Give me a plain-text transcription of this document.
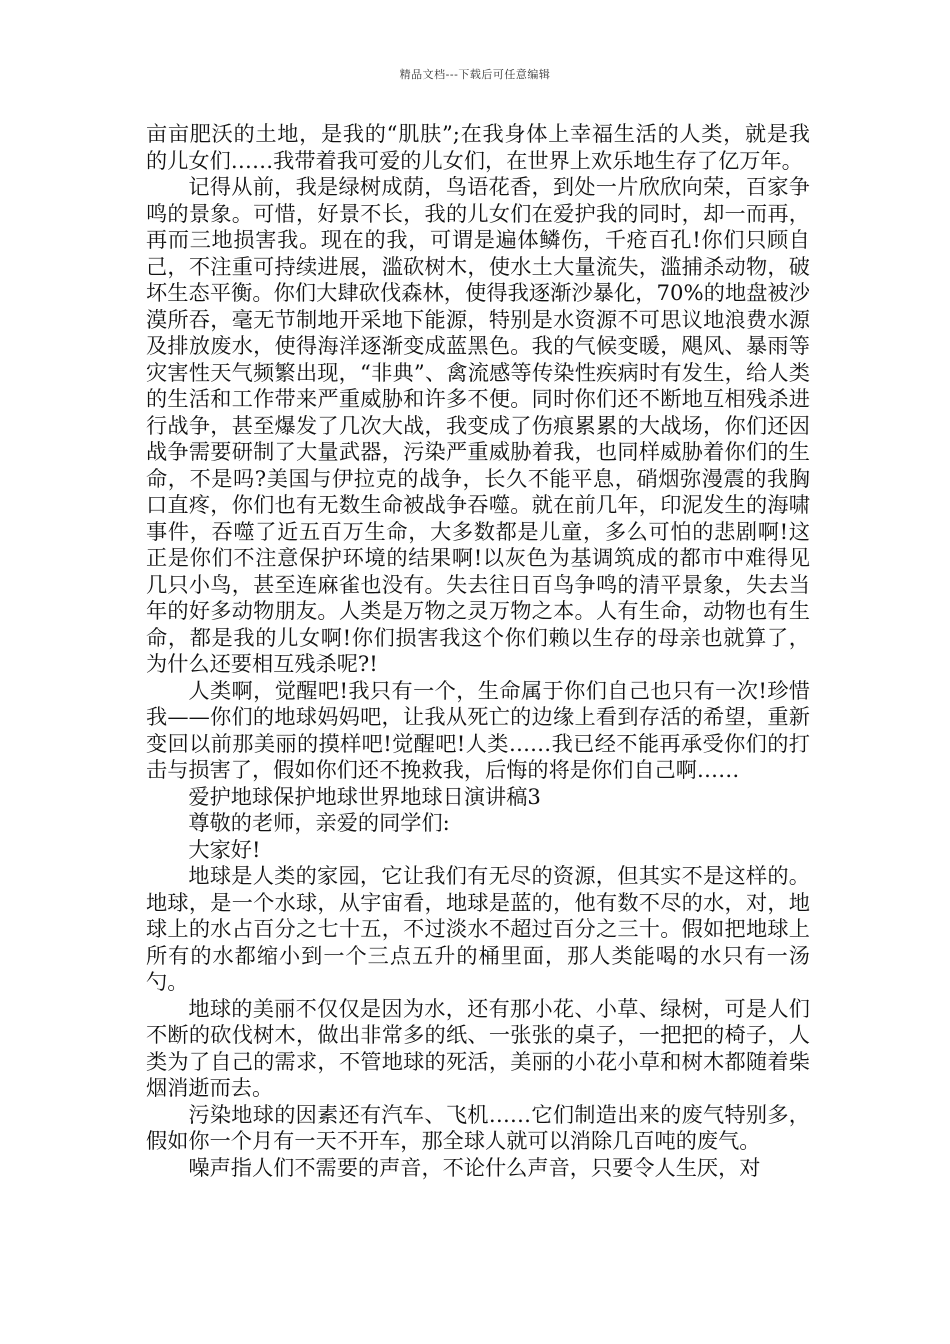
精品文档---下载后可任意编辑

亩亩肥沃的土地，是我的“肌肤”;在我身体上幸福生活的人类，就是我的儿女们……我带着我可爱的儿女们，在世界上欢乐地生存了亿万年。

记得从前，我是绿树成荫，鸟语花香，到处一片欣欣向荣，百家争鸣的景象。可惜，好景不长，我的儿女们在爱护我的同时，却一而再，再而三地损害我。现在的我，可谓是遍体鳞伤，千疮百孔!你们只顾自己，不注重可持续进展，滥砍树木，使水土大量流失，滥捕杀动物，破坏生态平衡。你们大肆砍伐森林，使得我逐渐沙暴化，70%的地盘被沙漠所吞，毫无节制地开采地下能源，特别是水资源不可思议地浪费水源及排放废水，使得海洋逐渐变成蓝黑色。我的气候变暖，飓风、暴雨等灾害性天气频繁出现，“非典”、禽流感等传染性疾病时有发生，给人类的生活和工作带来严重威胁和许多不便。同时你们还不断地互相残杀进行战争，甚至爆发了几次大战，我变成了伤痕累累的大战场，你们还因战争需要研制了大量武器，污染严重威胁着我，也同样威胁着你们的生命，不是吗?美国与伊拉克的战争，长久不能平息，硝烟弥漫震的我胸口直疼，你们也有无数生命被战争吞噬。就在前几年，印泥发生的海啸事件，吞噬了近五百万生命，大多数都是儿童，多么可怕的悲剧啊!这正是你们不注意保护环境的结果啊!以灰色为基调筑成的都市中难得见几只小鸟，甚至连麻雀也没有。失去往日百鸟争鸣的清平景象，失去当年的好多动物朋友。人类是万物之灵万物之本。人有生命，动物也有生命，都是我的儿女啊!你们损害我这个你们赖以生存的母亲也就算了，为什么还要相互残杀呢?!

人类啊，觉醒吧!我只有一个，生命属于你们自己也只有一次!珍惜我——你们的地球妈妈吧，让我从死亡的边缘上看到存活的希望，重新变回以前那美丽的摸样吧!觉醒吧!人类……我已经不能再承受你们的打击与损害了，假如你们还不挽救我，后悔的将是你们自己啊……

爱护地球保护地球世界地球日演讲稿3

尊敬的老师，亲爱的同学们:

大家好!

地球是人类的家园，它让我们有无尽的资源，但其实不是这样的。地球，是一个水球，从宇宙看，地球是蓝的，他有数不尽的水，对，地球上的水占百分之七十五，不过淡水不超过百分之三十。假如把地球上所有的水都缩小到一个三点五升的桶里面，那人类能喝的水只有一汤勺。

地球的美丽不仅仅是因为水，还有那小花、小草、绿树，可是人们不断的砍伐树木，做出非常多的纸、一张张的桌子，一把把的椅子，人类为了自己的需求，不管地球的死活，美丽的小花小草和树木都随着柴烟消逝而去。

污染地球的因素还有汽车、飞机……它们制造出来的废气特别多，假如你一个月有一天不开车，那全球人就可以消除几百吨的废气。

噪声指人们不需要的声音，不论什么声音，只要令人生厌，对
